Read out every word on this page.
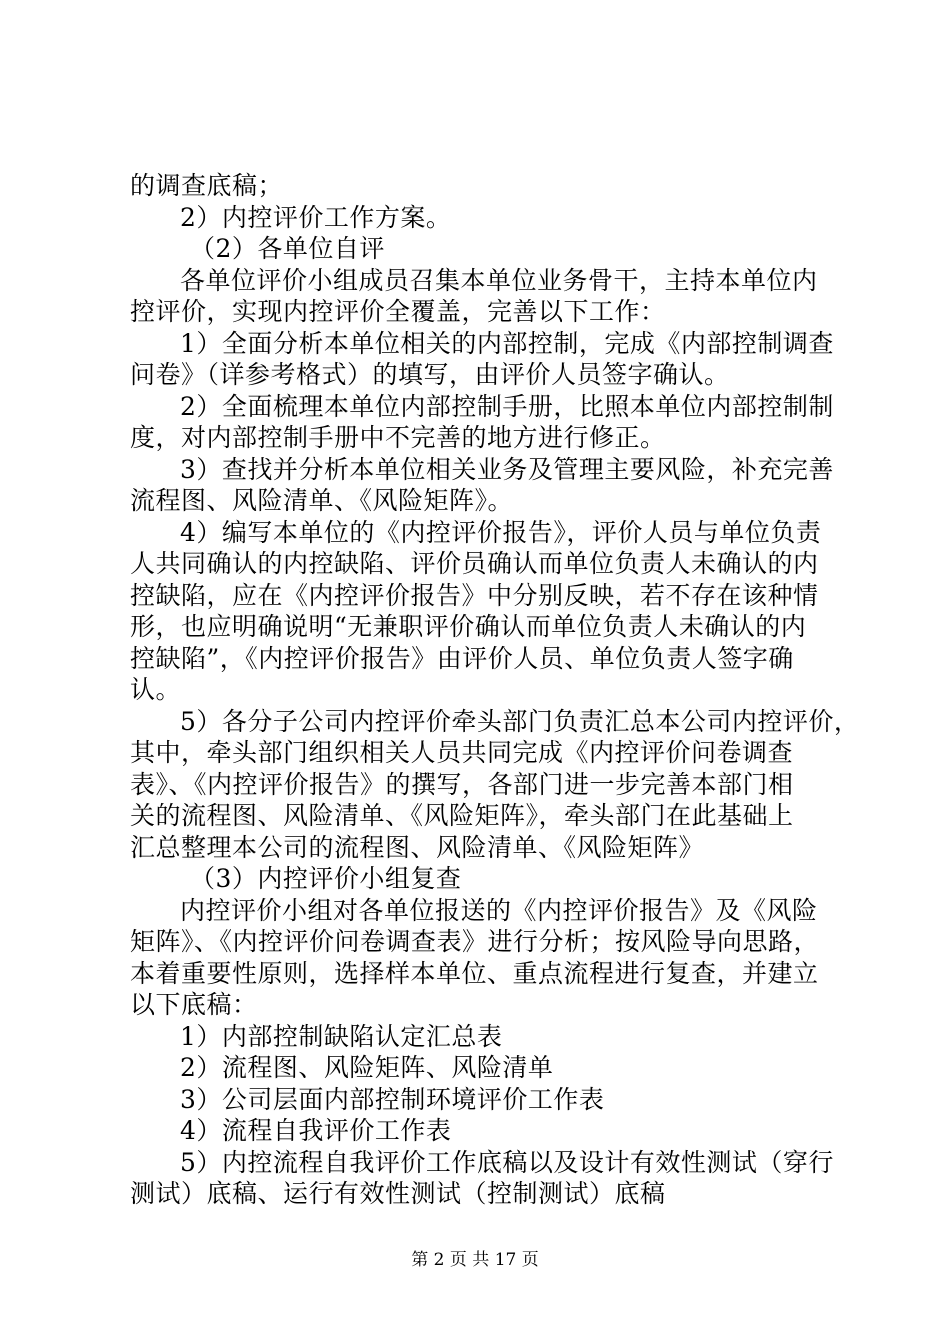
的调查底稿；
2）内控评价工作方案。
（2）各单位自评
各单位评价小组成员召集本单位业务骨干，主持本单位内
控评价，实现内控评价全覆盖，完善以下工作：
1）全面分析本单位相关的内部控制，完成《内部控制调查
问卷》（详参考格式）的填写，由评价人员签字确认。
2）全面梳理本单位内部控制手册，比照本单位内部控制制
度，对内部控制手册中不完善的地方进行修正。
3）查找并分析本单位相关业务及管理主要风险，补充完善
流程图、风险清单、《风险矩阵》。
4）编写本单位的《内控评价报告》，评价人员与单位负责
人共同确认的内控缺陷、评价员确认而单位负责人未确认的内
控缺陷，应在《内控评价报告》中分别反映，若不存在该种情
形，也应明确说明“无兼职评价确认而单位负责人未确认的内
控缺陷”，《内控评价报告》由评价人员、单位负责人签字确
认。
5）各分子公司内控评价牵头部门负责汇总本公司内控评价，
其中，牵头部门组织相关人员共同完成《内控评价问卷调查
表》、《内控评价报告》的撰写，各部门进一步完善本部门相
关的流程图、风险清单、《风险矩阵》，牵头部门在此基础上
汇总整理本公司的流程图、风险清单、《风险矩阵》
（3）内控评价小组复查
内控评价小组对各单位报送的《内控评价报告》及《风险
矩阵》、《内控评价问卷调查表》进行分析；按风险导向思路，
本着重要性原则，选择样本单位、重点流程进行复查，并建立
以下底稿：
1）内部控制缺陷认定汇总表
2）流程图、风险矩阵、风险清单
3）公司层面内部控制环境评价工作表
4）流程自我评价工作表
5）内控流程自我评价工作底稿以及设计有效性测试（穿行
测试）底稿、运行有效性测试（控制测试）底稿
第 2 页 共 17 页
